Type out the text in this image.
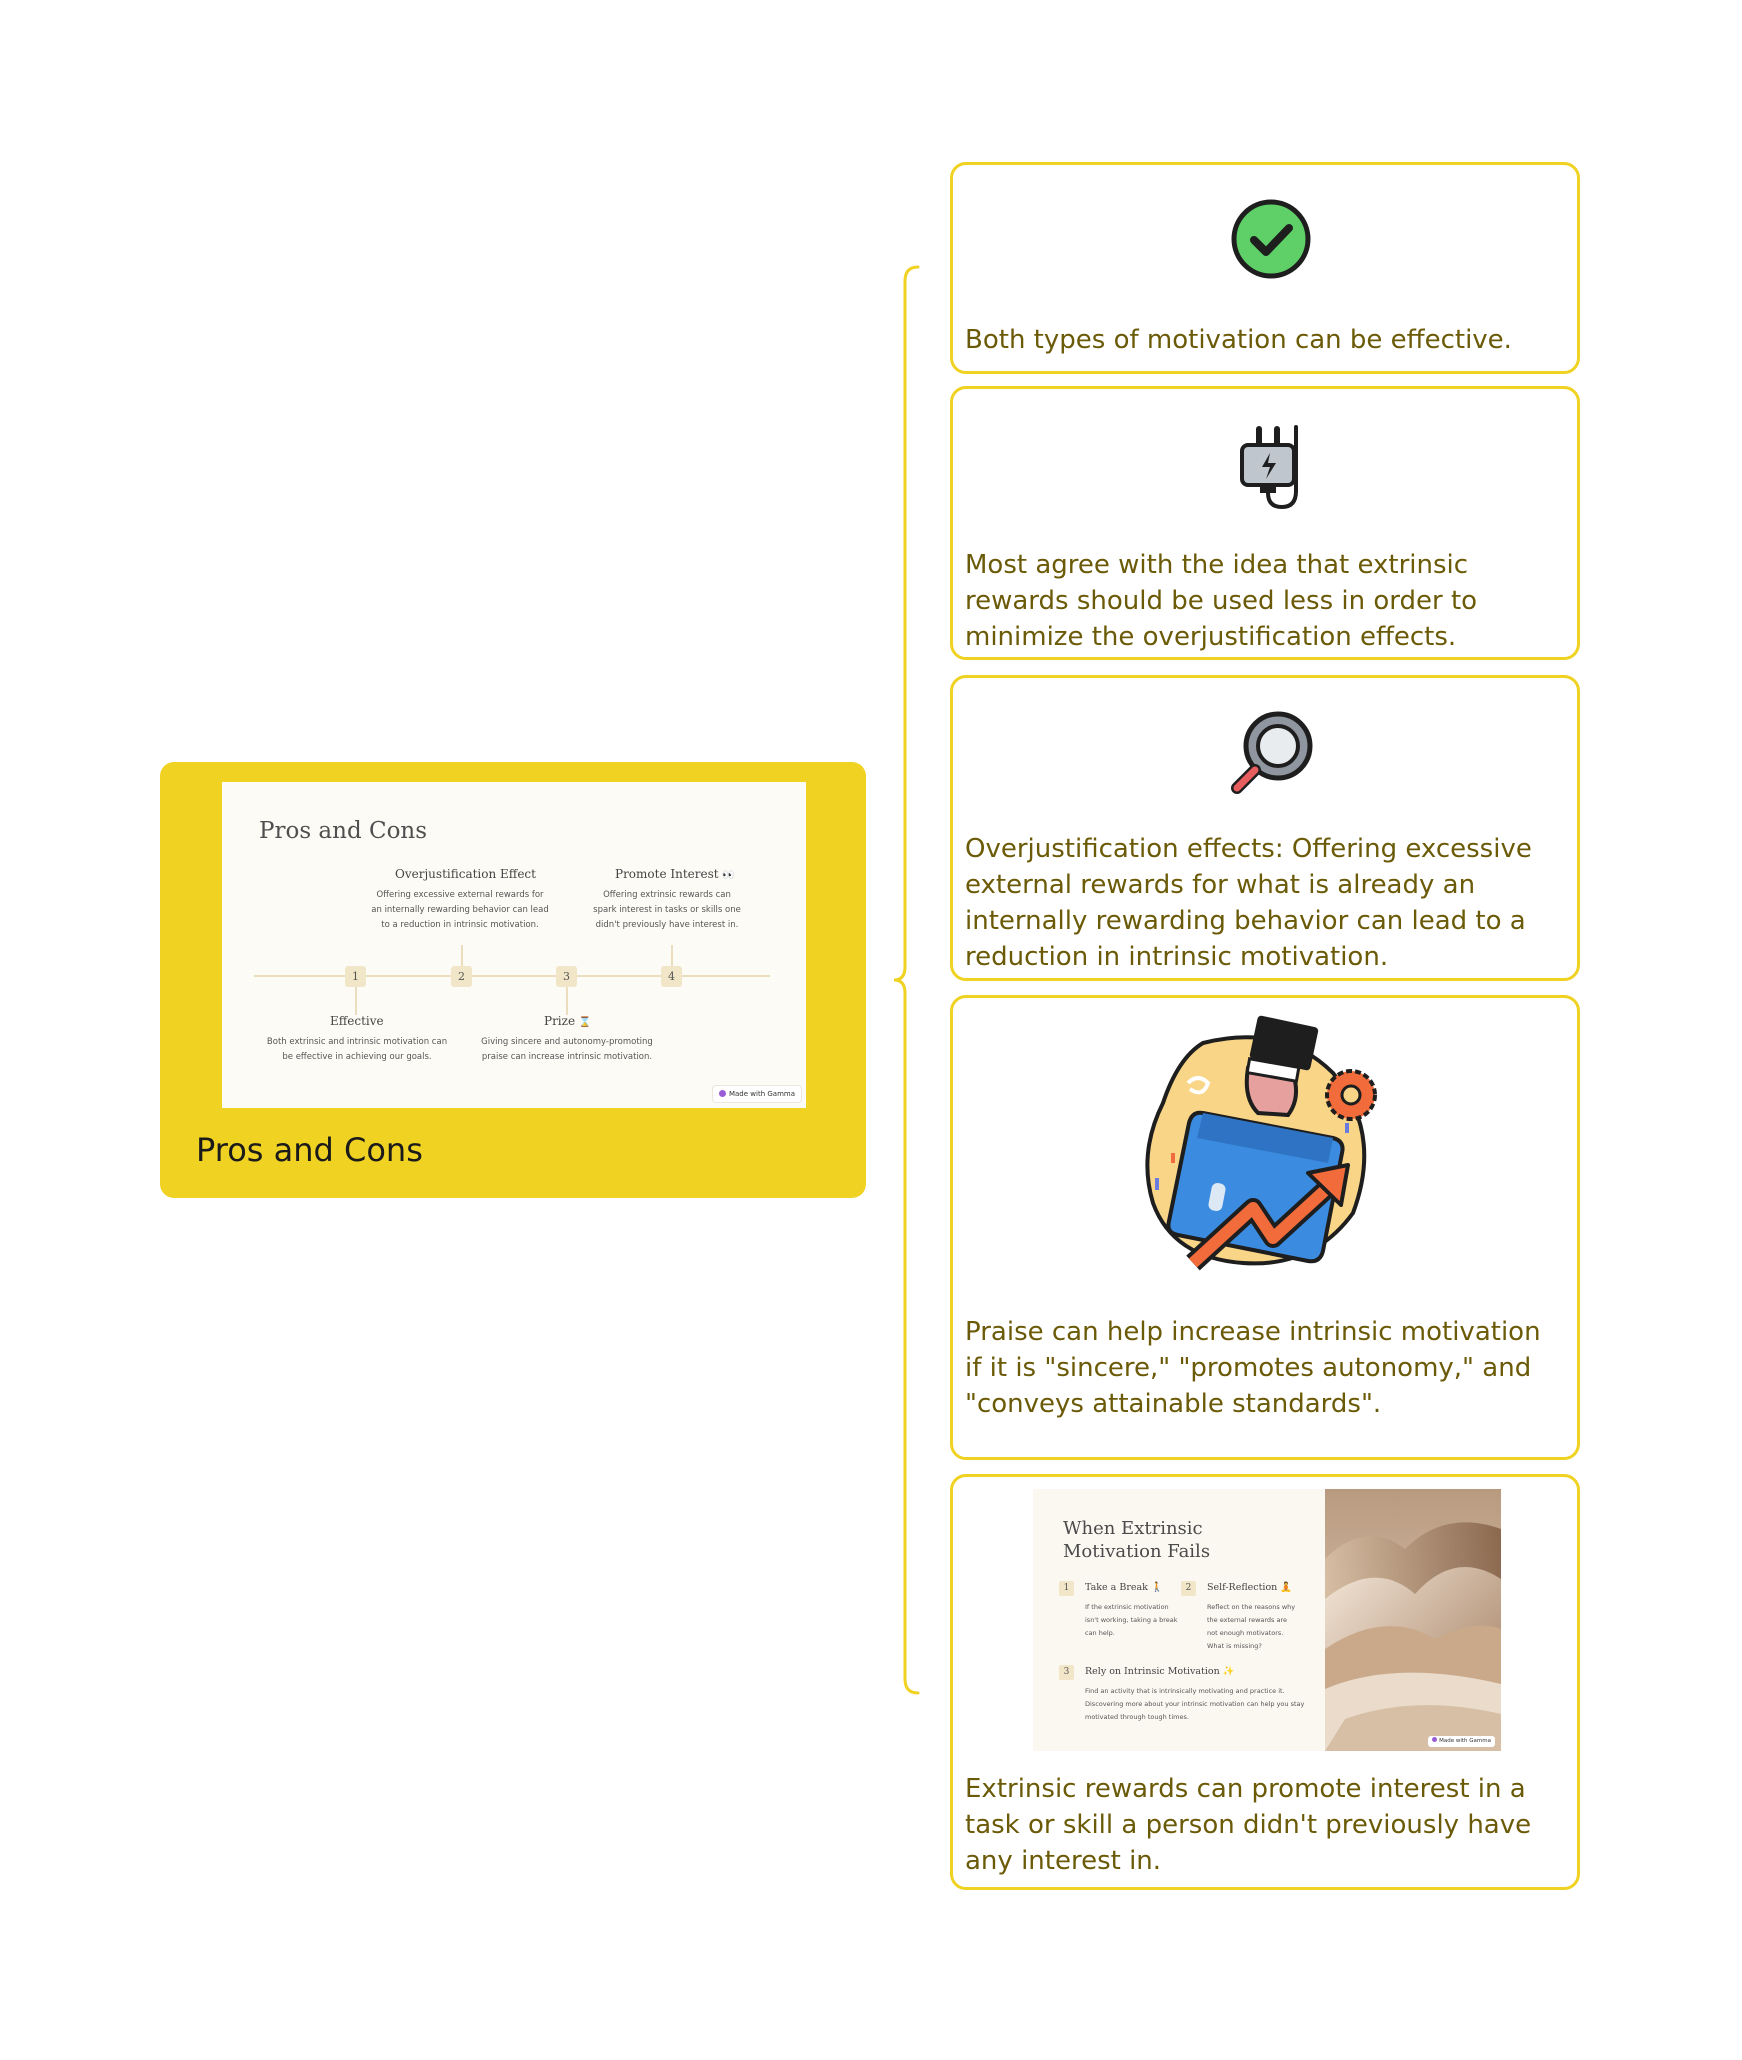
Pros and Cons
Overjustification Effect
Offering excessive external rewards for an internally rewarding behavior can lead to a reduction in intrinsic motivation.
Promote Interest 👀
Offering extrinsic rewards can spark interest in tasks or skills one didn't previously have interest in.
1	2	3	4
Effective
Both extrinsic and intrinsic motivation can be effective in achieving our goals.
Prize ⌛
Giving sincere and autonomy-promoting praise can increase intrinsic motivation.
Made with Gamma
Pros and Cons
Both types of motivation can be effective.
Most agree with the idea that extrinsic rewards should be used less in order to minimize the overjustification effects.
Overjustification effects: Offering excessive external rewards for what is already an internally rewarding behavior can lead to a reduction in intrinsic motivation.
Praise can help increase intrinsic motivation if it is "sincere," "promotes autonomy," and "conveys attainable standards".
When Extrinsic
Motivation Fails
1	Take a Break 🚶
If the extrinsic motivation isn't working, taking a break can help.
2	Self-Reflection 🧘
Reflect on the reasons why the external rewards are not enough motivators. What is missing?
3	Rely on Intrinsic Motivation ✨
Find an activity that is intrinsically motivating and practice it. Discovering more about your intrinsic motivation can help you stay motivated through tough times.
Made with Gamma
Extrinsic rewards can promote interest in a task or skill a person didn't previously have any interest in.
